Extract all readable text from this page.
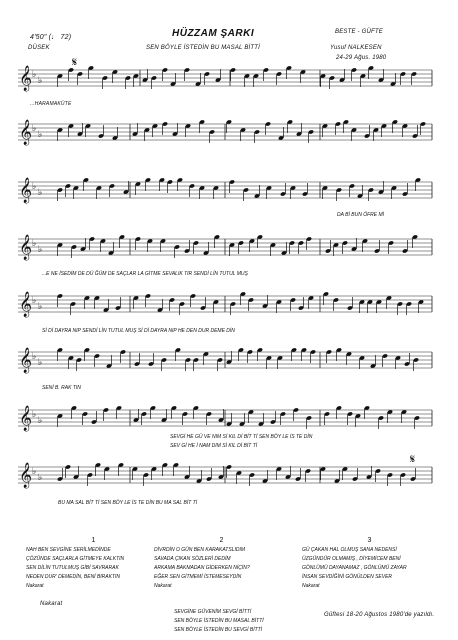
4'50" (♩ 72)	HÜZZAM ŞARKI	BESTE - GÜFTE
DÜSEK	SEN BÖYLE İSTEDİN BU MASAL BİTTİ	Yusuf NALKESEN
24-29 Ağus. 1980
...HARAMAKÜTE
𝄞 ♭
♭
𝄞 ♭
♭
𝄞 ♭
♭
𝄞 ♭
♭
𝄞 ♭
♭
𝄞 ♭
♭
𝄞 ♭
♭
𝄞 ♭
♭
𝄋
𝄋
DA Bİ BUN ÖFRE Mİ
...E NE İSEDİM DE DÜ ĞÜM DE SAÇLAR LA GİTME SEVALIK TIR SENDİ LİN TUTUL MUŞ
Sİ Dİ DAYRA NIP SENDİ LİN TUTUL MUŞ Sİ Dİ DAYRA NIP HE DEN DUR DEME DİN
SENİ B. RAK TIN
SEVGİ HE GÜ VE NIM Sİ KIL Dİ BİT Tİ SEN BÖY LE İS TE DİN
SEV Gİ HE İ NAM DIM Sİ KIL Dİ BİT Tİ
BU MA SAL BİT Tİ SEN BÖY LE İS TE DİN BU MA SAL BİT Tİ
1
NAH BEN SEVGİNE SERİLMEDİNDE
ÇÖZÜNDE SAÇLARLA GİTMEYE KALKTIN
SEN DİLİN TUTULMUŞ GİBİ SAVRARAK
NEDEN DUR' DEMEDİN, BENİ BIRAKTIN
Nakarat
2
DİVRDİN O GÜN BEN KARAKATSLIDIM
SAVADA ÇIKAN SÖZLERİ DEDİM
ARKAMA BAKMADAN GİDERKEN NİÇİN?
EĞER SEN GİTMEMİ İSTEMESEYDİN
Nakarat
3
GÜ ÇAKAN HAL OLMUŞ SANA NEDENSİ
ÜZGÜNDÜR OLMAMIŞ , DİYEMİCEM BENİ
GÖNLÜMÜ DAYANAMAZ , GÖNLÜMÜ ZAYAR
İNSAN SEVDİĞİNİ GÖNÜLDEN SEVER
Nakarat
Nakarat
SEVGİNE GÜVENİM SEVGİ BİTTİ
SEN BÖYLE İSTEDİN BU MASAL BİTTİ
SEN BÖYLE İSTEDİN BU SEVGİ BİTTİ
Güftesi 18-20 Ağustos 1980'de yazıldı.
